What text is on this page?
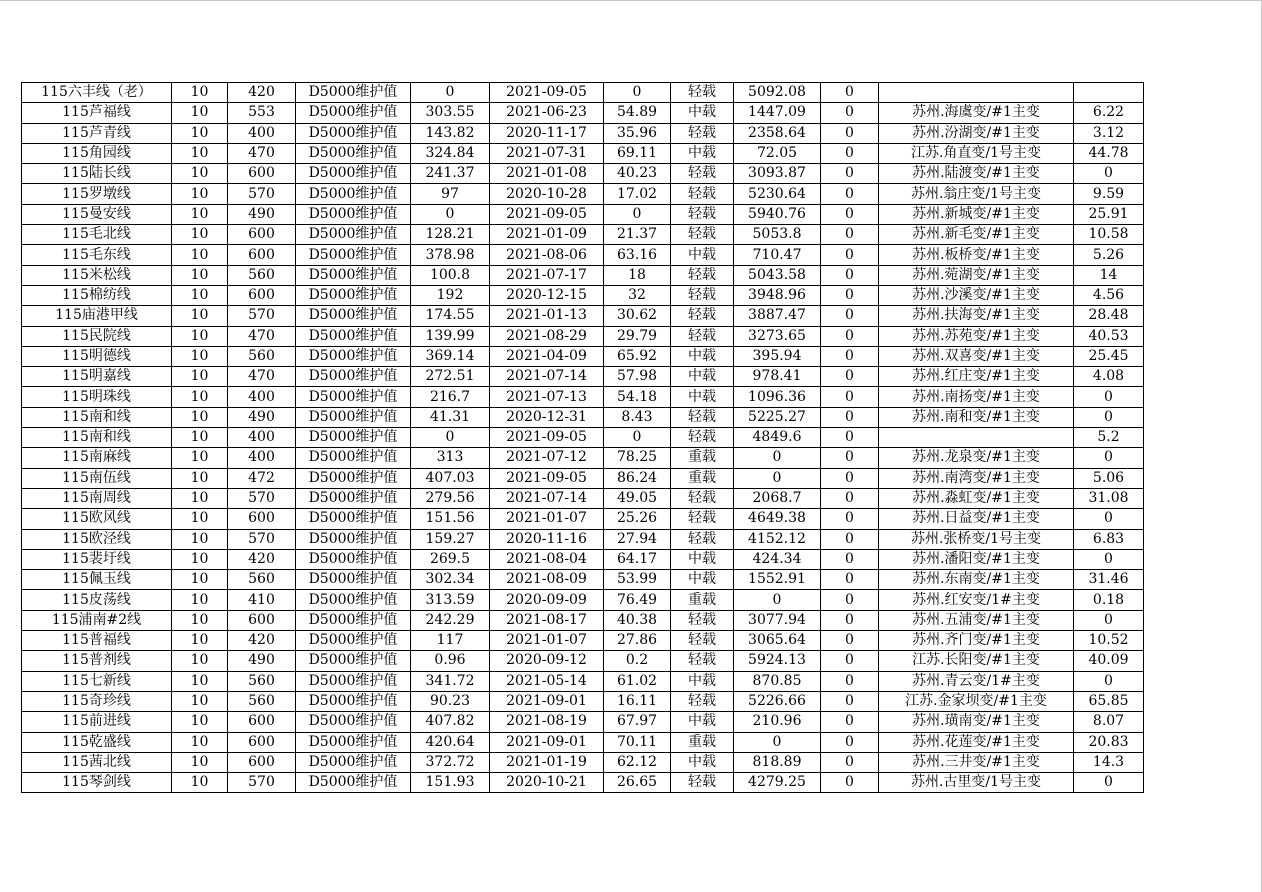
115六丰线（老）	10	420	D5000维护值	0	2021-09-05	0	轻载	5092.08	0		
115芦福线	10	553	D5000维护值	303.55	2021-06-23	54.89	中载	1447.09	0	苏州.海虞变/#1主变	6.22
115芦青线	10	400	D5000维护值	143.82	2020-11-17	35.96	轻载	2358.64	0	苏州.汾湖变/#1主变	3.12
115角园线	10	470	D5000维护值	324.84	2021-07-31	69.11	中载	72.05	0	江苏.角直变/1号主变	44.78
115陆长线	10	600	D5000维护值	241.37	2021-01-08	40.23	轻载	3093.87	0	苏州.陆渡变/#1主变	0
115罗墩线	10	570	D5000维护值	97	2020-10-28	17.02	轻载	5230.64	0	苏州.翁庄变/1号主变	9.59
115曼安线	10	490	D5000维护值	0	2021-09-05	0	轻载	5940.76	0	苏州.新城变/#1主变	25.91
115毛北线	10	600	D5000维护值	128.21	2021-01-09	21.37	轻载	5053.8	0	苏州.新毛变/#1主变	10.58
115毛东线	10	600	D5000维护值	378.98	2021-08-06	63.16	中载	710.47	0	苏州.板桥变/#1主变	5.26
115米松线	10	560	D5000维护值	100.8	2021-07-17	18	轻载	5043.58	0	苏州.菀湖变/#1主变	14
115棉纺线	10	600	D5000维护值	192	2020-12-15	32	轻载	3948.96	0	苏州.沙溪变/#1主变	4.56
115庙港甲线	10	570	D5000维护值	174.55	2021-01-13	30.62	轻载	3887.47	0	苏州.扶海变/#1主变	28.48
115民院线	10	470	D5000维护值	139.99	2021-08-29	29.79	轻载	3273.65	0	苏州.苏苑变/#1主变	40.53
115明德线	10	560	D5000维护值	369.14	2021-04-09	65.92	中载	395.94	0	苏州.双喜变/#1主变	25.45
115明嘉线	10	470	D5000维护值	272.51	2021-07-14	57.98	中载	978.41	0	苏州.红庄变/#1主变	4.08
115明珠线	10	400	D5000维护值	216.7	2021-07-13	54.18	中载	1096.36	0	苏州.南扬变/#1主变	0
115南和线	10	490	D5000维护值	41.31	2020-12-31	8.43	轻载	5225.27	0	苏州.南和变/#1主变	0
115南和线	10	400	D5000维护值	0	2021-09-05	0	轻载	4849.6	0		5.2
115南麻线	10	400	D5000维护值	313	2021-07-12	78.25	重载	0	0	苏州.龙泉变/#1主变	0
115南伍线	10	472	D5000维护值	407.03	2021-09-05	86.24	重载	0	0	苏州.南湾变/#1主变	5.06
115南周线	10	570	D5000维护值	279.56	2021-07-14	49.05	轻载	2068.7	0	苏州.淼虹变/#1主变	31.08
115欧风线	10	600	D5000维护值	151.56	2021-01-07	25.26	轻载	4649.38	0	苏州.日益变/#1主变	0
115欧泾线	10	570	D5000维护值	159.27	2020-11-16	27.94	轻载	4152.12	0	苏州.张桥变/1号主变	6.83
115裴圩线	10	420	D5000维护值	269.5	2021-08-04	64.17	中载	424.34	0	苏州.潘阳变/#1主变	0
115佩玉线	10	560	D5000维护值	302.34	2021-08-09	53.99	中载	1552.91	0	苏州.东南变/#1主变	31.46
115皮荡线	10	410	D5000维护值	313.59	2020-09-09	76.49	重载	0	0	苏州.红安变/1#主变	0.18
115浦南#2线	10	600	D5000维护值	242.29	2021-08-17	40.38	轻载	3077.94	0	苏州.五浦变/#1主变	0
115普福线	10	420	D5000维护值	117	2021-01-07	27.86	轻载	3065.64	0	苏州.齐门变/#1主变	10.52
115普剂线	10	490	D5000维护值	0.96	2020-09-12	0.2	轻载	5924.13	0	江苏.长阳变/#1主变	40.09
115七新线	10	560	D5000维护值	341.72	2021-05-14	61.02	中载	870.85	0	苏州.青云变/1#主变	0
115奇珍线	10	560	D5000维护值	90.23	2021-09-01	16.11	轻载	5226.66	0	江苏.金家坝变/#1主变	65.85
115前进线	10	600	D5000维护值	407.82	2021-08-19	67.97	中载	210.96	0	苏州.璜南变/#1主变	8.07
115乾盛线	10	600	D5000维护值	420.64	2021-09-01	70.11	重载	0	0	苏州.花莲变/#1主变	20.83
115茜北线	10	600	D5000维护值	372.72	2021-01-19	62.12	中载	818.89	0	苏州.三井变/#1主变	14.3
115琴剑线	10	570	D5000维护值	151.93	2020-10-21	26.65	轻载	4279.25	0	苏州.古里变/1号主变	0
